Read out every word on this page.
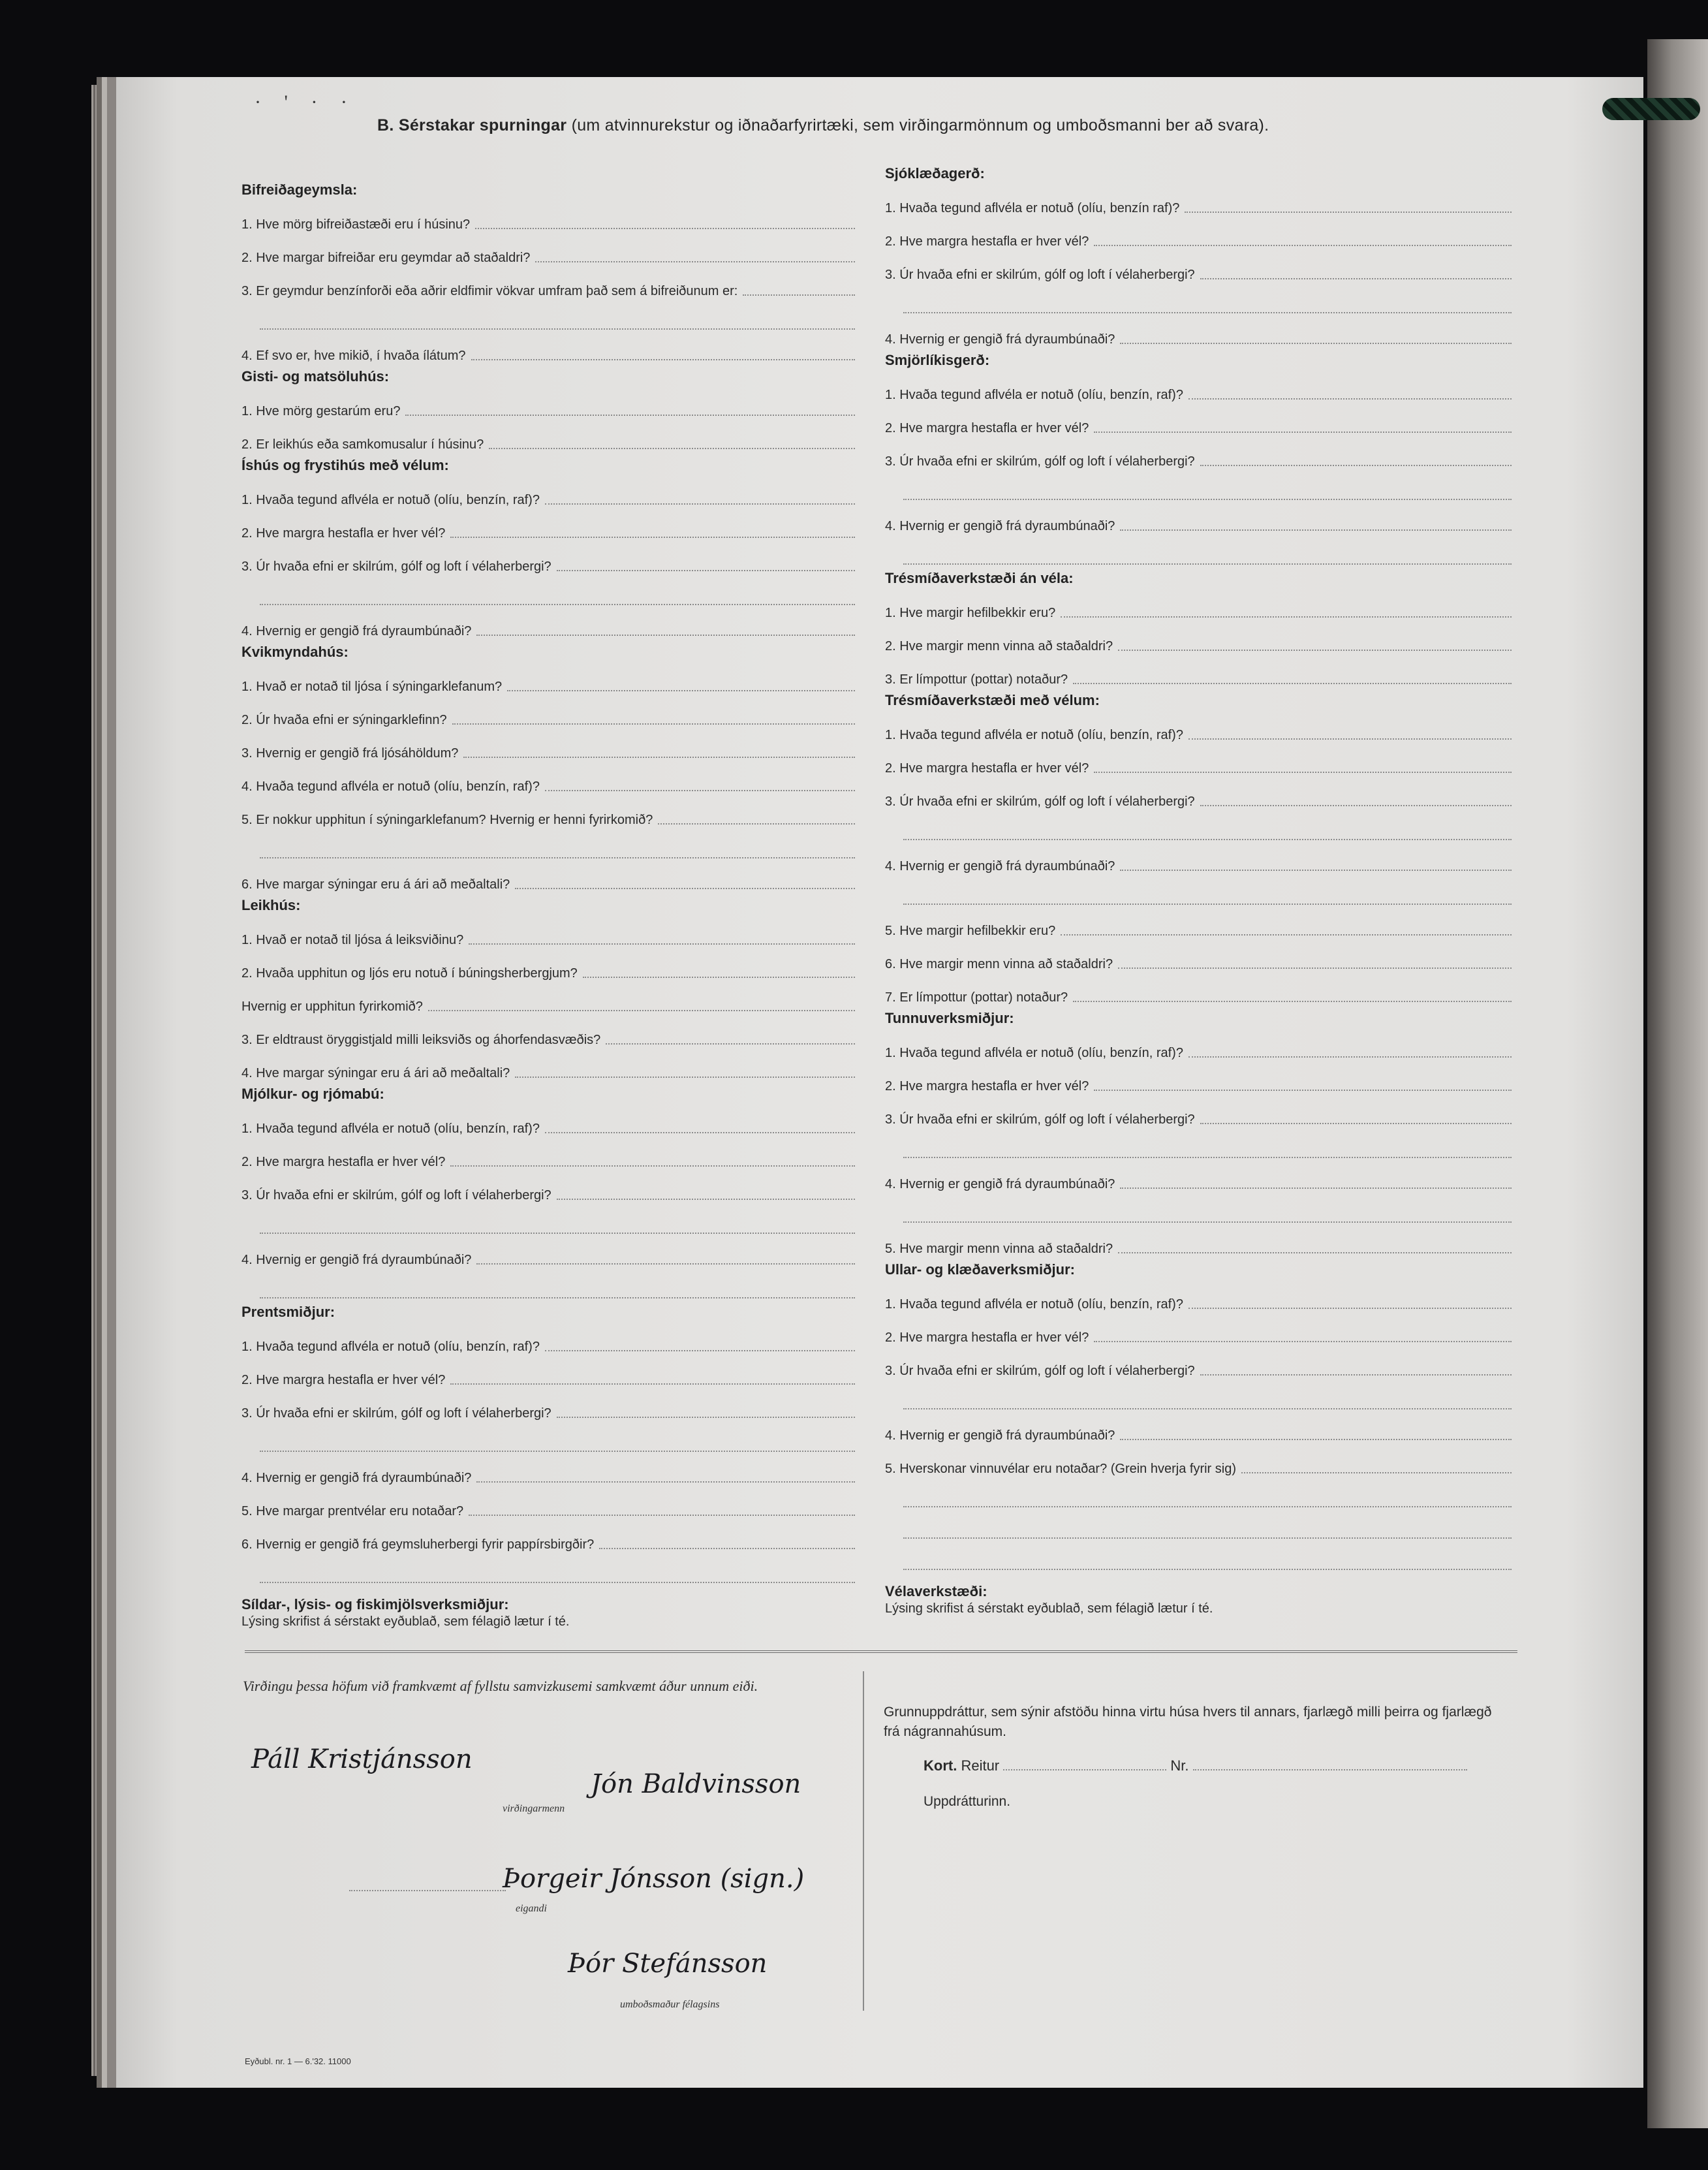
· ' · ·
B. Sérstakar spurningar (um atvinnurekstur og iðnaðarfyrirtæki, sem virðingarmönnum og umboðsmanni ber að svara).
Bifreiðageymsla:
1. Hve mörg bifreiðastæði eru í húsinu?
2. Hve margar bifreiðar eru geymdar að staðaldri?
3. Er geymdur benzínforði eða aðrir eldfimir vökvar umfram það sem á bifreiðunum er:
4. Ef svo er, hve mikið, í hvaða ílátum?
Gisti- og matsöluhús:
1. Hve mörg gestarúm eru?
2. Er leikhús eða samkomusalur í húsinu?
Íshús og frystihús með vélum:
1. Hvaða tegund aflvéla er notuð (olíu, benzín, raf)?
2. Hve margra hestafla er hver vél?
3. Úr hvaða efni er skilrúm, gólf og loft í vélaherbergi?
4. Hvernig er gengið frá dyraumbúnaði?
Kvikmyndahús:
1. Hvað er notað til ljósa í sýningarklefanum?
2. Úr hvaða efni er sýningarklefinn?
3. Hvernig er gengið frá ljósáhöldum?
4. Hvaða tegund aflvéla er notuð (olíu, benzín, raf)?
5. Er nokkur upphitun í sýningarklefanum? Hvernig er henni fyrirkomið?
6. Hve margar sýningar eru á ári að meðaltali?
Leikhús:
1. Hvað er notað til ljósa á leiksviðinu?
2. Hvaða upphitun og ljós eru notuð í búningsherbergjum?
Hvernig er upphitun fyrirkomið?
3. Er eldtraust öryggistjald milli leiksviðs og áhorfendasvæðis?
4. Hve margar sýningar eru á ári að meðaltali?
Mjólkur- og rjómabú:
1. Hvaða tegund aflvéla er notuð (olíu, benzín, raf)?
2. Hve margra hestafla er hver vél?
3. Úr hvaða efni er skilrúm, gólf og loft í vélaherbergi?
4. Hvernig er gengið frá dyraumbúnaði?
Prentsmiðjur:
1. Hvaða tegund aflvéla er notuð (olíu, benzín, raf)?
2. Hve margra hestafla er hver vél?
3. Úr hvaða efni er skilrúm, gólf og loft í vélaherbergi?
4. Hvernig er gengið frá dyraumbúnaði?
5. Hve margar prentvélar eru notaðar?
6. Hvernig er gengið frá geymsluherbergi fyrir pappírsbirgðir?
Síldar-, lýsis- og fiskimjölsverksmiðjur:
Lýsing skrifist á sérstakt eyðublað, sem félagið lætur í té.
Sjóklæðagerð:
1. Hvaða tegund aflvéla er notuð (olíu, benzín raf)?
2. Hve margra hestafla er hver vél?
3. Úr hvaða efni er skilrúm, gólf og loft í vélaherbergi?
4. Hvernig er gengið frá dyraumbúnaði?
Smjörlíkisgerð:
1. Hvaða tegund aflvéla er notuð (olíu, benzín, raf)?
2. Hve margra hestafla er hver vél?
3. Úr hvaða efni er skilrúm, gólf og loft í vélaherbergi?
4. Hvernig er gengið frá dyraumbúnaði?
Trésmíðaverkstæði án véla:
1. Hve margir hefilbekkir eru?
2. Hve margir menn vinna að staðaldri?
3. Er límpottur (pottar) notaður?
Trésmíðaverkstæði með vélum:
1. Hvaða tegund aflvéla er notuð (olíu, benzín, raf)?
2. Hve margra hestafla er hver vél?
3. Úr hvaða efni er skilrúm, gólf og loft í vélaherbergi?
4. Hvernig er gengið frá dyraumbúnaði?
5. Hve margir hefilbekkir eru?
6. Hve margir menn vinna að staðaldri?
7. Er límpottur (pottar) notaður?
Tunnuverksmiðjur:
1. Hvaða tegund aflvéla er notuð (olíu, benzín, raf)?
2. Hve margra hestafla er hver vél?
3. Úr hvaða efni er skilrúm, gólf og loft í vélaherbergi?
4. Hvernig er gengið frá dyraumbúnaði?
5. Hve margir menn vinna að staðaldri?
Ullar- og klæðaverksmiðjur:
1. Hvaða tegund aflvéla er notuð (olíu, benzín, raf)?
2. Hve margra hestafla er hver vél?
3. Úr hvaða efni er skilrúm, gólf og loft í vélaherbergi?
4. Hvernig er gengið frá dyraumbúnaði?
5. Hverskonar vinnuvélar eru notaðar? (Grein hverja fyrir sig)
Vélaverkstæði:
Lýsing skrifist á sérstakt eyðublað, sem félagið lætur í té.
Virðingu þessa höfum við framkvæmt af fyllstu samvizkusemi samkvæmt áður unnum eiði.
Páll Kristjánsson
Jón Baldvinsson
virðingarmenn
Þorgeir Jónsson (sign.)
eigandi
Þór Stefánsson
umboðsmaður félagsins
Grunnuppdráttur, sem sýnir afstöðu hinna virtu húsa hvers til annars, fjarlægð milli þeirra og fjarlægð frá nágrannahúsum.
Kort. Reitur	Nr.
Uppdrátturinn.
Eyðubl. nr. 1 — 6.'32. 11000
